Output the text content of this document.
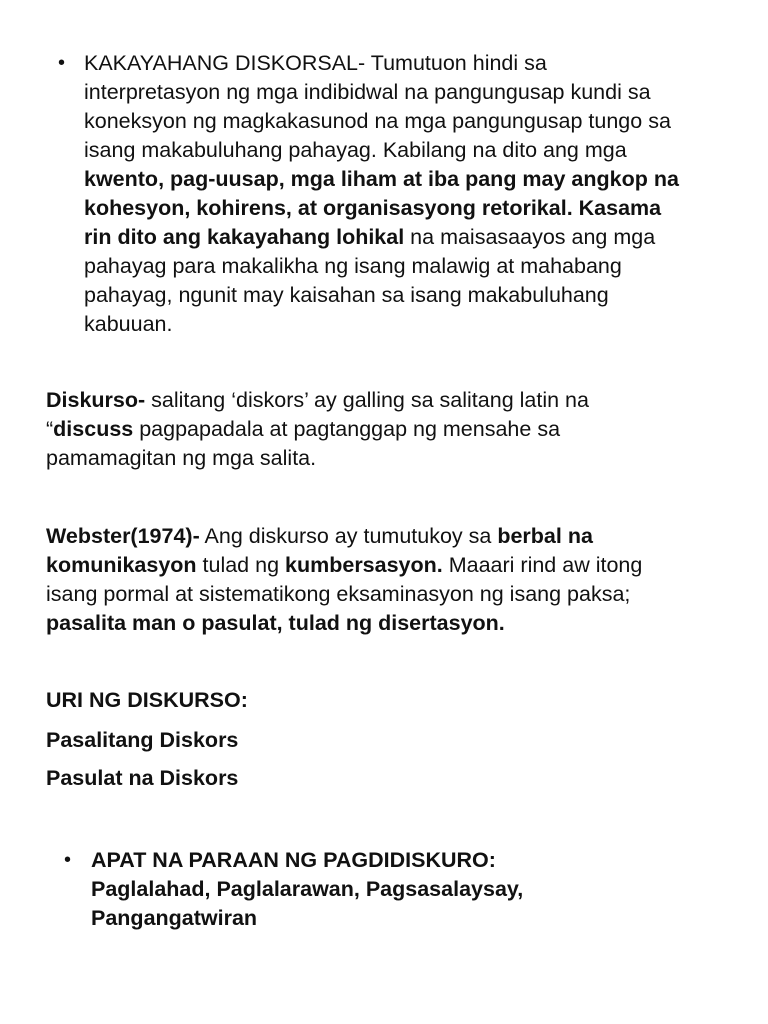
• KAKAYAHANG DISKORSAL- Tumutuon hindi sa
interpretasyon ng mga indibidwal na pangungusap kundi sa
koneksyon ng magkakasunod na mga pangungusap tungo sa
isang makabuluhang pahayag. Kabilang na dito ang mga
kwento, pag-uusap, mga liham at iba pang may angkop na
kohesyon, kohirens, at organisasyong retorikal. Kasama
rin dito ang kakayahang lohikal na maisasaayos ang mga
pahayag para makalikha ng isang malawig at mahabang
pahayag, ngunit may kaisahan sa isang makabuluhang
kabuuan.
Diskurso- salitang ‘diskors’ ay galling sa salitang latin na
“discuss pagpapadala at pagtanggap ng mensahe sa
pamamagitan ng mga salita.
Webster(1974)- Ang diskurso ay tumutukoy sa berbal na
komunikasyon tulad ng kumbersasyon. Maaari rind aw itong
isang pormal at sistematikong eksaminasyon ng isang paksa;
pasalita man o pasulat, tulad ng disertasyon.
URI NG DISKURSO:
Pasalitang Diskors
Pasulat na Diskors
• APAT NA PARAAN NG PAGDIDISKURO:
Paglalahad, Paglalarawan, Pagsasalaysay,
Pangangatwiran
